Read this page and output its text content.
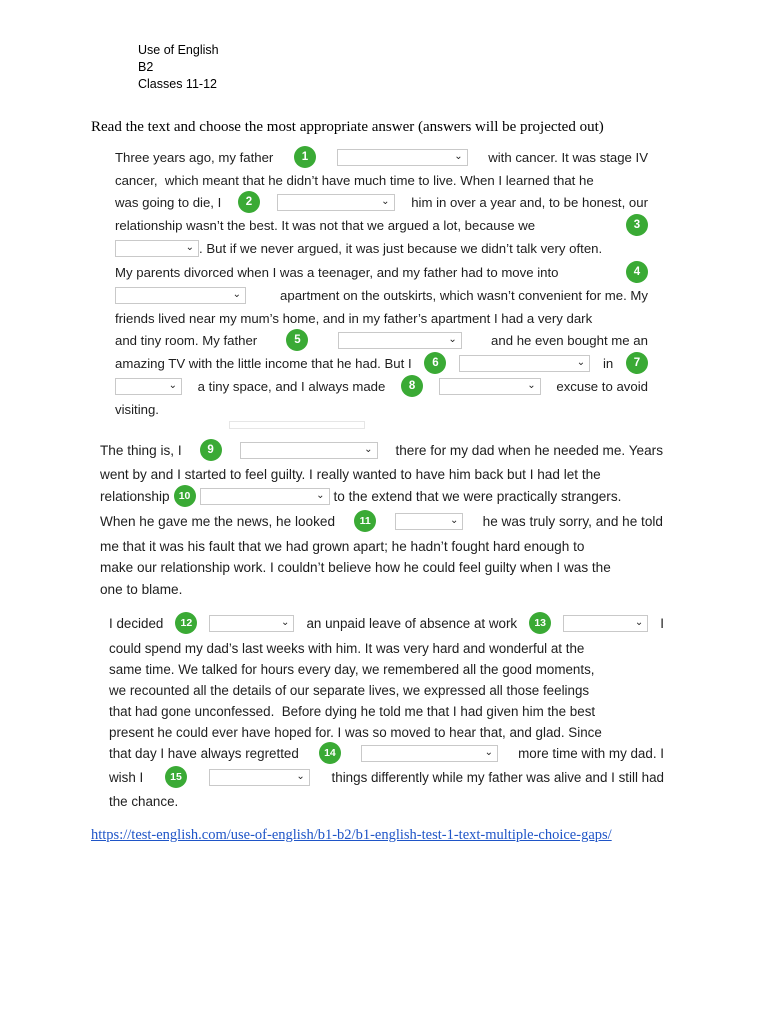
Use of English
B2
Classes 11-12
Read the text and choose the most appropriate answer (answers will be projected out)
Three years ago, my father	1	⌄ with cancer. It was stage IV
cancer,  which meant that he didn’t have much time to live. When I learned that he
was going to die, I	2	⌄ him in over a year and, to be honest, our
relationship wasn’t the best. It was not that we argued a lot, because we	3
⌄ . But if we never argued, it was just because we didn’t talk very often.
My parents divorced when I was a teenager, and my father had to move into	4
⌄	apartment on the outskirts, which wasn’t convenient for me. My
friends lived near my mum’s home, and in my father’s apartment I had a very dark
and tiny room. My father	5	⌄	and he even bought me an
amazing TV with the little income that he had. But I	6	⌄ in	7
⌄ a tiny space, and I always made	8	⌄ excuse to avoid
visiting.
The thing is, I	9	⌄ there for my dad when he needed me. Years
went by and I started to feel guilty. I really wanted to have him back but I had let the
relationship 10	⌄ to the extend that we were practically strangers.
When he gave me the news, he looked	11	⌄ he was truly sorry, and he told
me that it was his fault that we had grown apart; he hadn’t fought hard enough to
make our relationship work. I couldn’t believe how he could feel guilty when I was the
one to blame.
I decided	12	⌄ an unpaid leave of absence at work	13	⌄ I
could spend my dad’s last weeks with him. It was very hard and wonderful at the
same time. We talked for hours every day, we remembered all the good moments,
we recounted all the details of our separate lives, we expressed all those feelings
that had gone unconfessed.  Before dying he told me that I had given him the best
present he could ever have hoped for. I was so moved to hear that, and glad. Since
that day I have always regretted	14	⌄ more time with my dad. I
wish I	15	⌄ things differently while my father was alive and I still had
the chance.
https://test-english.com/use-of-english/b1-b2/b1-english-test-1-text-multiple-choice-gaps/
